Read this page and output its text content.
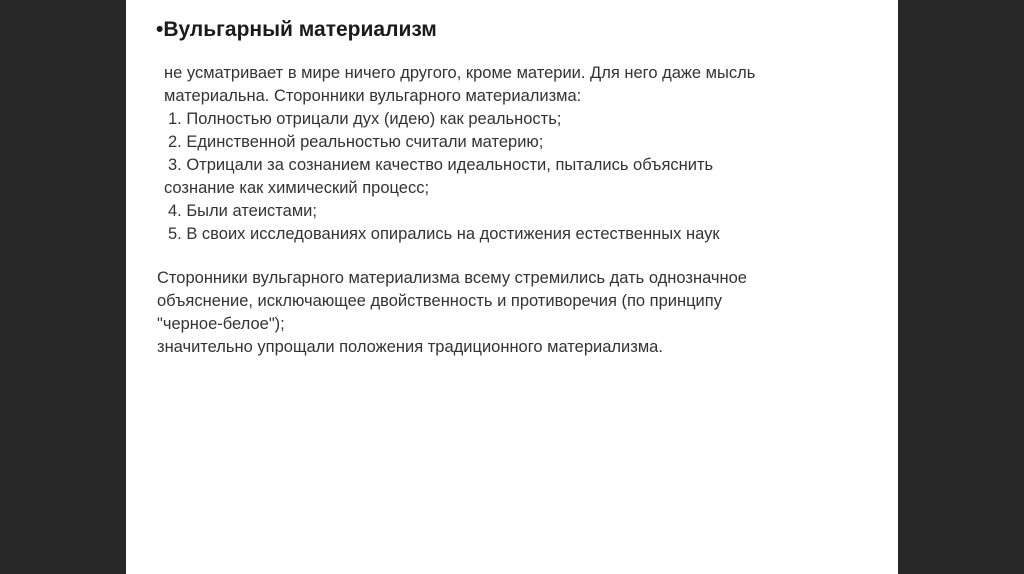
•Вульгарный материализм
не усматривает в мире ничего другого, кроме материи. Для него даже мысль
материальна. Сторонники вульгарного материализма:
1. Полностью отрицали дух (идею) как реальность;
2. Единственной реальностью считали материю;
3. Отрицали за сознанием качество идеальности, пытались объяснить
сознание как химический процесс;
4. Были атеистами;
5. В своих исследованиях опирались на достижения естественных наук
Сторонники вульгарного материализма всему стремились дать однозначное
объяснение, исключающее двойственность и противоречия (по принципу
"черное-белое");
значительно упрощали положения традиционного материализма.
